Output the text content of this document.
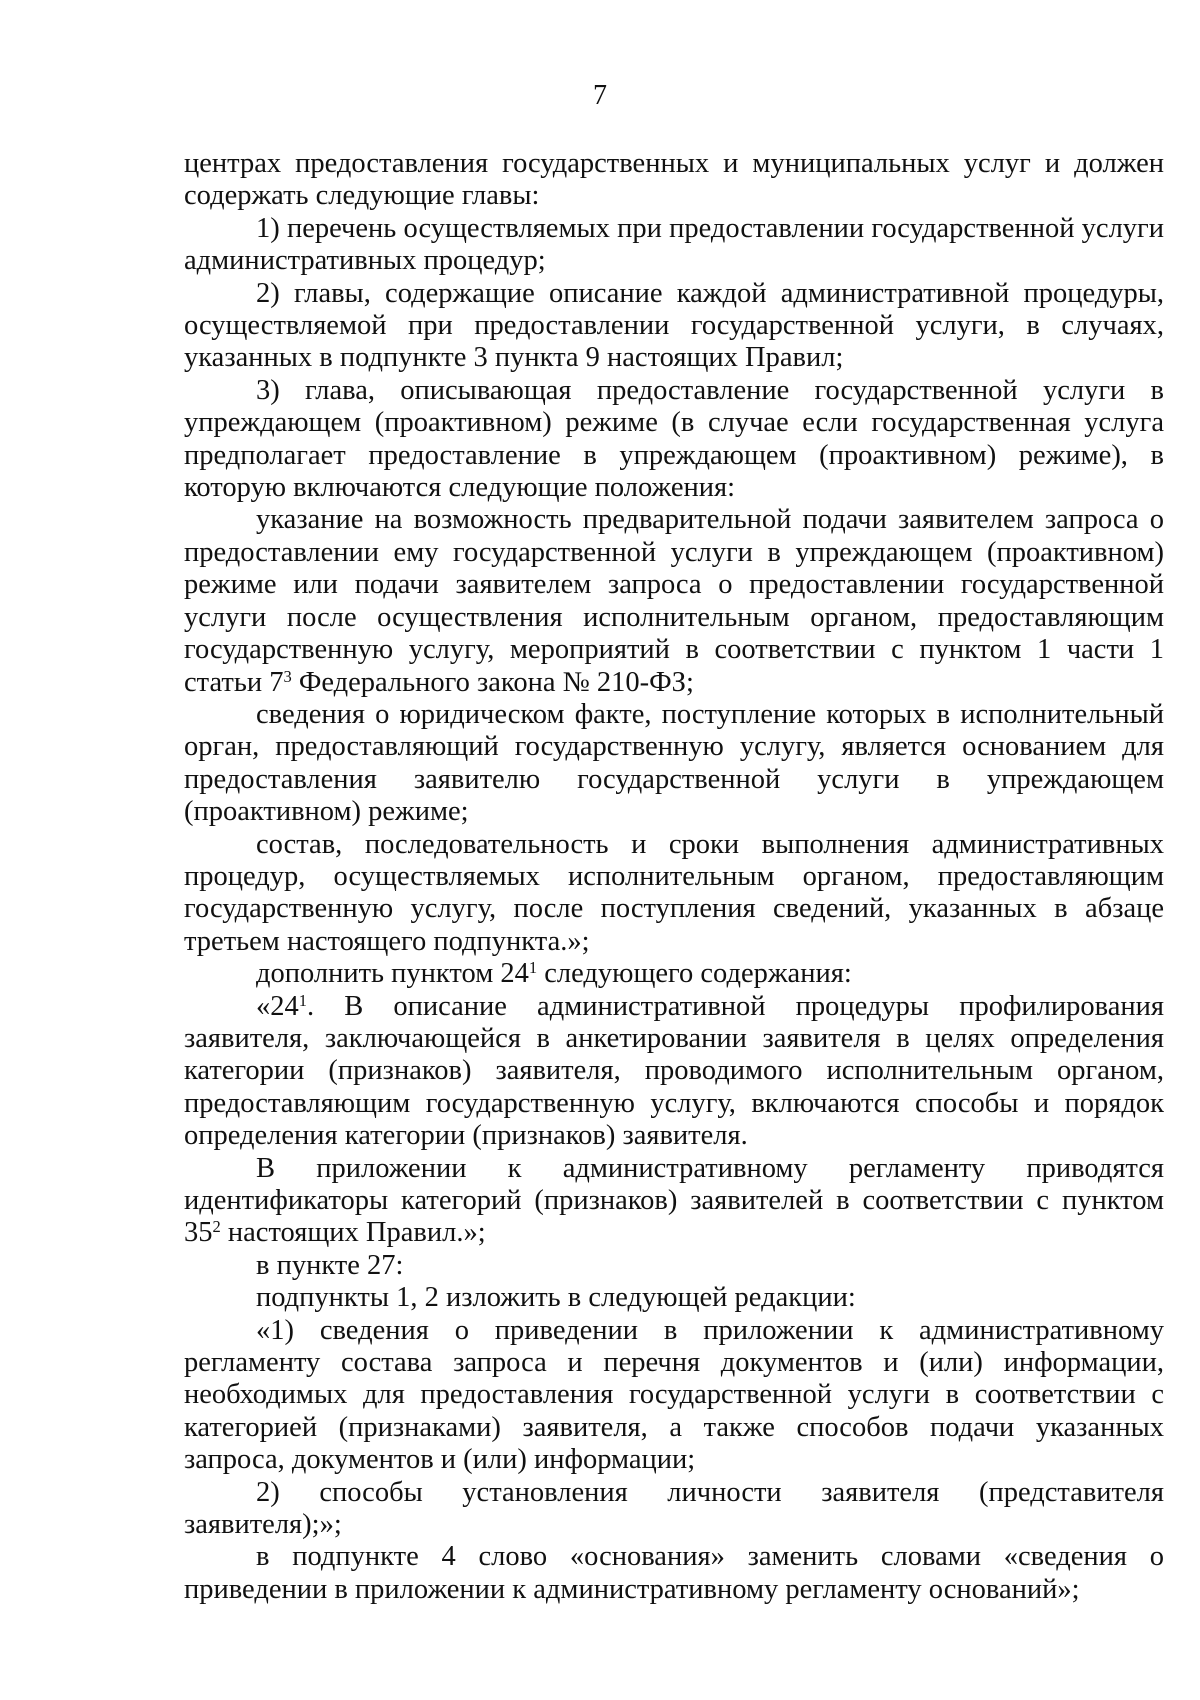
7

центрах предоставления государственных и муниципальных услуг и должен содержать следующие главы:

1) перечень осуществляемых при предоставлении государственной услуги административных процедур;

2) главы, содержащие описание каждой административной процедуры, осуществляемой при предоставлении государственной услуги, в случаях, указанных в подпункте 3 пункта 9 настоящих Правил;

3) глава, описывающая предоставление государственной услуги в упреждающем (проактивном) режиме (в случае если государственная услуга предполагает предоставление в упреждающем (проактивном) режиме), в которую включаются следующие положения:

указание на возможность предварительной подачи заявителем запроса о предоставлении ему государственной услуги в упреждающем (проактивном) режиме или подачи заявителем запроса о предоставлении государственной услуги после осуществления исполнительным органом, предоставляющим государственную услугу, мероприятий в соответствии с пунктом 1 части 1 статьи $7^3$ Федерального закона № 210-ФЗ;

сведения о юридическом факте, поступление которых в исполнительный орган, предоставляющий государственную услугу, является основанием для предоставления заявителю государственной услуги в упреждающем (проактивном) режиме;

состав, последовательность и сроки выполнения административных процедур, осуществляемых исполнительным органом, предоставляющим государственную услугу, после поступления сведений, указанных в абзаце третьем настоящего подпункта.»;

дополнить пунктом $24^1$ следующего содержания:

«$24^1$. В описание административной процедуры профилирования заявителя, заключающейся в анкетировании заявителя в целях определения категории (признаков) заявителя, проводимого исполнительным органом, предоставляющим государственную услугу, включаются способы и порядок определения категории (признаков) заявителя.

В приложении к административному регламенту приводятся идентификаторы категорий (признаков) заявителей в соответствии с пунктом $35^2$ настоящих Правил.»;

в пункте 27:

подпункты 1, 2 изложить в следующей редакции:

«1) сведения о приведении в приложении к административному регламенту состава запроса и перечня документов и (или) информации, необходимых для предоставления государственной услуги в соответствии с категорией (признаками) заявителя, а также способов подачи указанных запроса, документов и (или) информации;

2) способы установления личности заявителя (представителя заявителя);»;

в подпункте 4 слово «основания» заменить словами «сведения о приведении в приложении к административному регламенту оснований»;
